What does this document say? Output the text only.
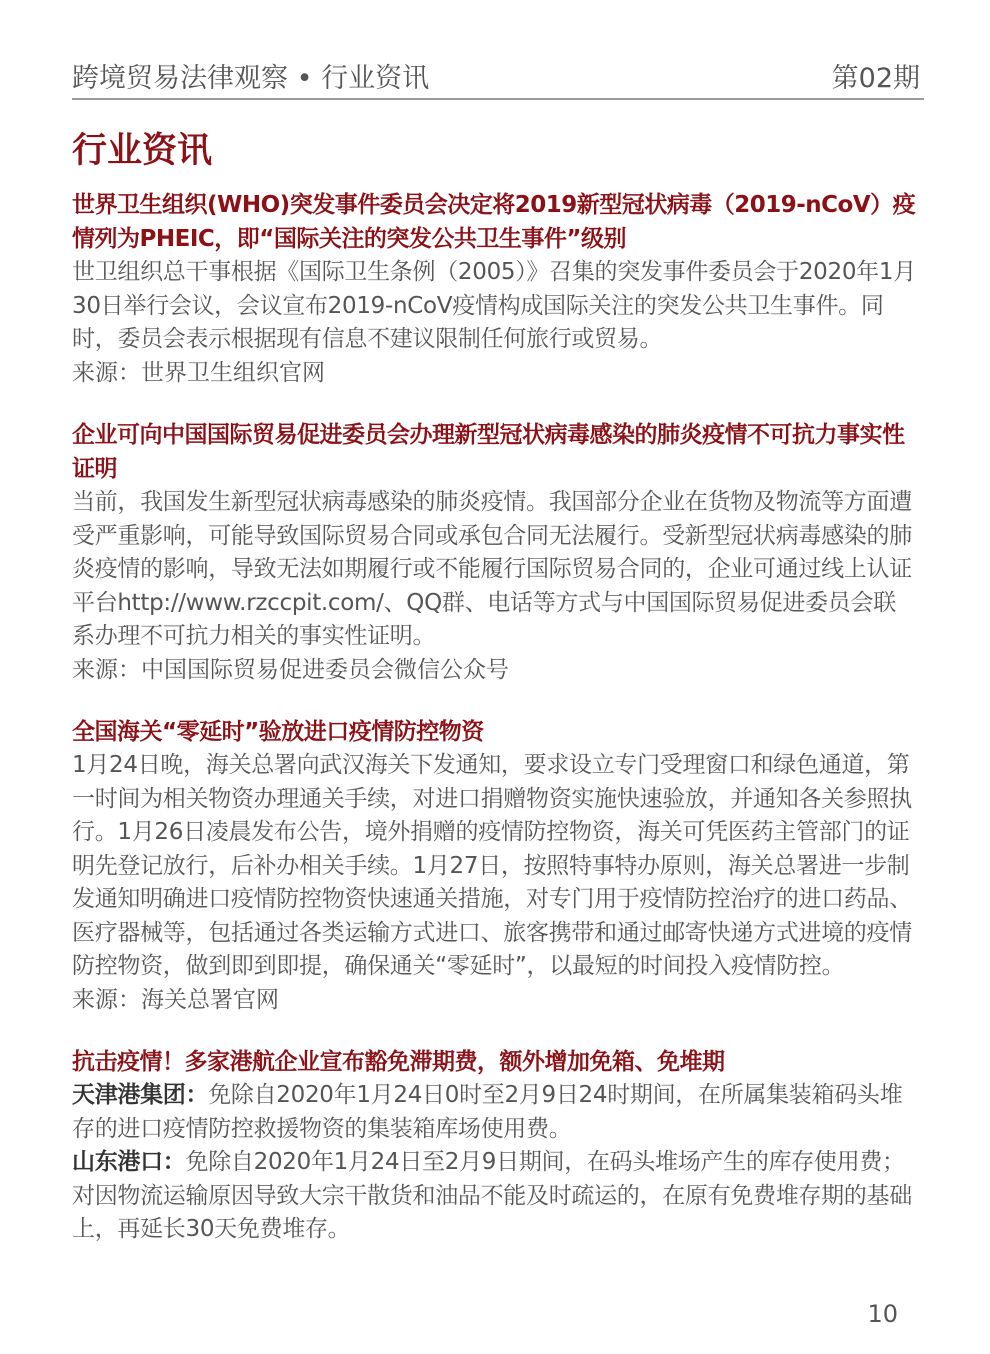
跨境贸易法律观察 • 行业资讯	第02期
行业资讯
世界卫生组织(WHO)突发事件委员会决定将2019新型冠状病毒（2019-nCoV）疫情列为PHEIC，即“国际关注的突发公共卫生事件”级别
世卫组织总干事根据《国际卫生条例（2005）》召集的突发事件委员会于2020年1月30日举行会议，会议宣布2019-nCoV疫情构成国际关注的突发公共卫生事件。同时，委员会表示根据现有信息不建议限制任何旅行或贸易。
来源：世界卫生组织官网
企业可向中国国际贸易促进委员会办理新型冠状病毒感染的肺炎疫情不可抗力事实性证明
当前，我国发生新型冠状病毒感染的肺炎疫情。我国部分企业在货物及物流等方面遭受严重影响，可能导致国际贸易合同或承包合同无法履行。受新型冠状病毒感染的肺炎疫情的影响，导致无法如期履行或不能履行国际贸易合同的，企业可通过线上认证平台http://www.rzccpit.com/、QQ群、电话等方式与中国国际贸易促进委员会联系办理不可抗力相关的事实性证明。
来源：中国国际贸易促进委员会微信公众号
全国海关“零延时”验放进口疫情防控物资
1月24日晚，海关总署向武汉海关下发通知，要求设立专门受理窗口和绿色通道，第一时间为相关物资办理通关手续，对进口捐赠物资实施快速验放，并通知各关参照执行。1月26日凌晨发布公告，境外捐赠的疫情防控物资，海关可凭医药主管部门的证明先登记放行，后补办相关手续。1月27日，按照特事特办原则，海关总署进一步制发通知明确进口疫情防控物资快速通关措施，对专门用于疫情防控治疗的进口药品、医疗器械等，包括通过各类运输方式进口、旅客携带和通过邮寄快递方式进境的疫情防控物资，做到即到即提，确保通关“零延时”，以最短的时间投入疫情防控。
来源：海关总署官网
抗击疫情！多家港航企业宣布豁免滞期费，额外增加免箱、免堆期
天津港集团：免除自2020年1月24日0时至2月9日24时期间，在所属集装箱码头堆存的进口疫情防控救援物资的集装箱库场使用费。
山东港口：免除自2020年1月24日至2月9日期间，在码头堆场产生的库存使用费；对因物流运输原因导致大宗干散货和油品不能及时疏运的，在原有免费堆存期的基础上，再延长30天免费堆存。
10
